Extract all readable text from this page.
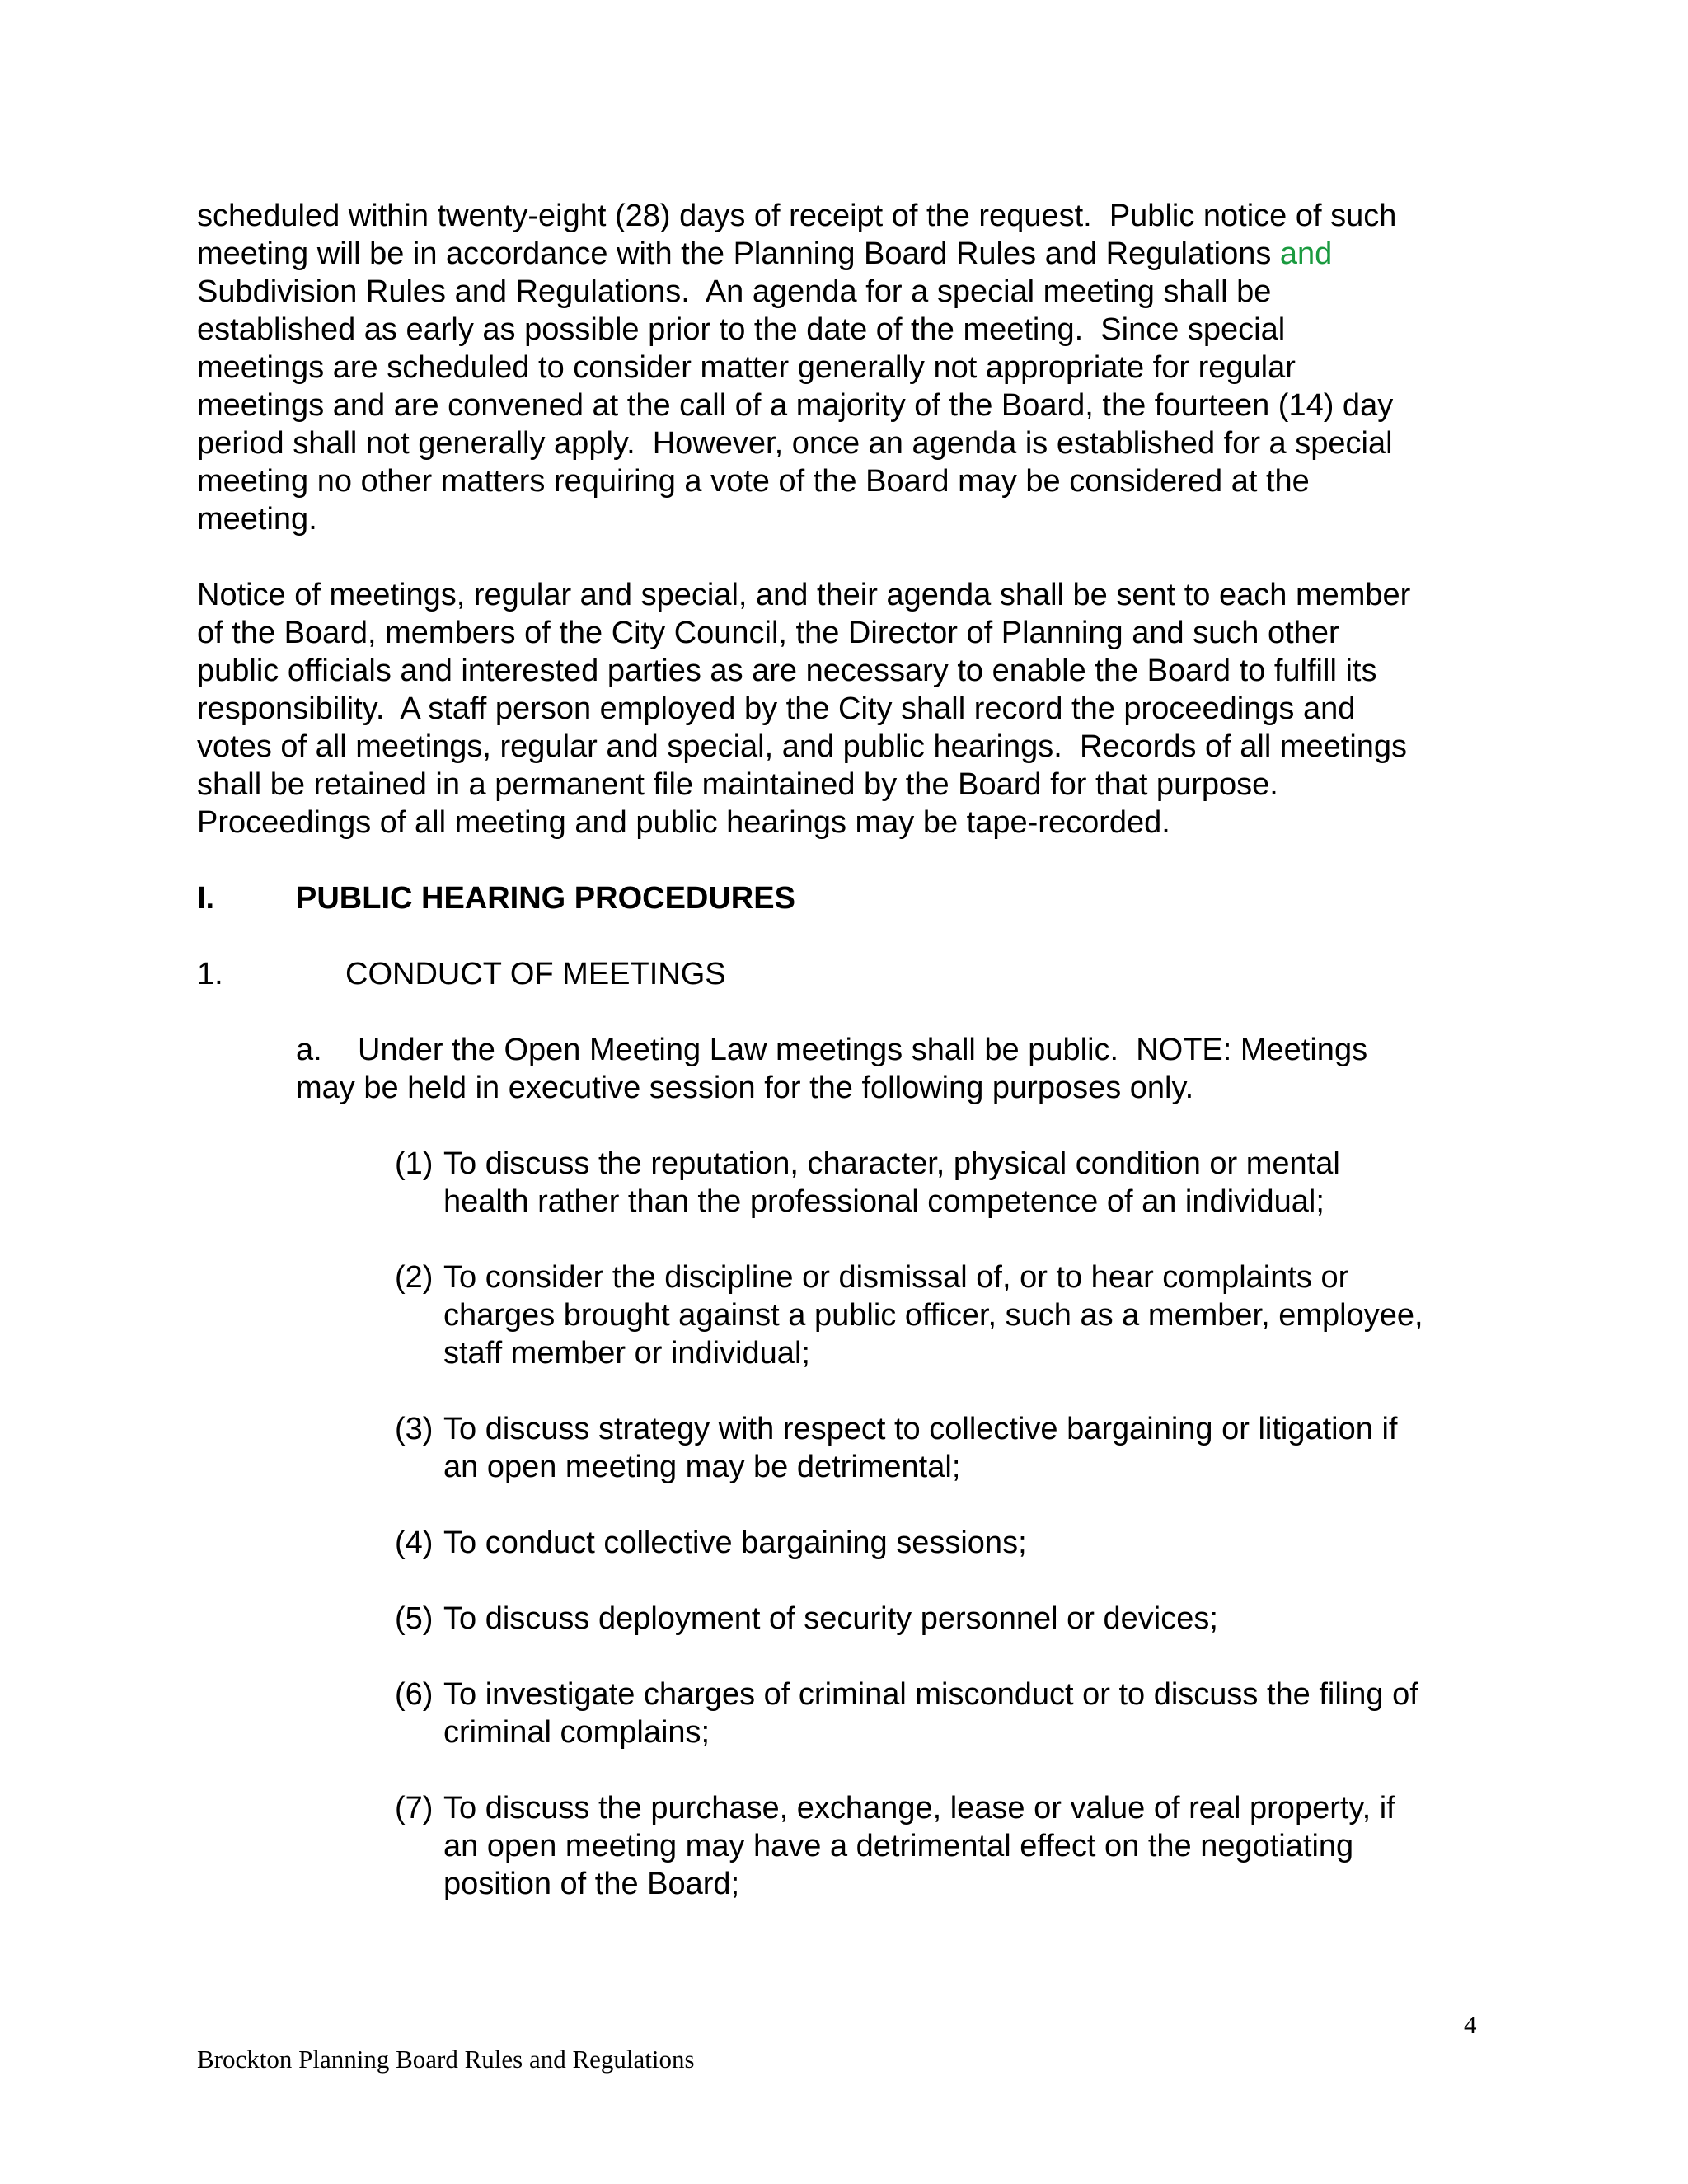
scheduled within twenty-eight (28) days of receipt of the request.  Public notice of such
meeting will be in accordance with the Planning Board Rules and Regulations and
Subdivision Rules and Regulations.  An agenda for a special meeting shall be
established as early as possible prior to the date of the meeting.  Since special
meetings are scheduled to consider matter generally not appropriate for regular
meetings and are convened at the call of a majority of the Board, the fourteen (14) day
period shall not generally apply.  However, once an agenda is established for a special
meeting no other matters requiring a vote of the Board may be considered at the
meeting.
Notice of meetings, regular and special, and their agenda shall be sent to each member
of the Board, members of the City Council, the Director of Planning and such other
public officials and interested parties as are necessary to enable the Board to fulfill its
responsibility.  A staff person employed by the City shall record the proceedings and
votes of all meetings, regular and special, and public hearings.  Records of all meetings
shall be retained in a permanent file maintained by the Board for that purpose.
Proceedings of all meeting and public hearings may be tape-recorded.
I.	PUBLIC HEARING PROCEDURES
1.	CONDUCT OF MEETINGS
a. Under the Open Meeting Law meetings shall be public.  NOTE: Meetings
may be held in executive session for the following purposes only.
(1) To discuss the reputation, character, physical condition or mental
health rather than the professional competence of an individual;
(2) To consider the discipline or dismissal of, or to hear complaints or
charges brought against a public officer, such as a member, employee,
staff member or individual;
(3) To discuss strategy with respect to collective bargaining or litigation if
an open meeting may be detrimental;
(4) To conduct collective bargaining sessions;
(5) To discuss deployment of security personnel or devices;
(6) To investigate charges of criminal misconduct or to discuss the filing of
criminal complains;
(7) To discuss the purchase, exchange, lease or value of real property, if
an open meeting may have a detrimental effect on the negotiating
position of the Board;
4
Brockton Planning Board Rules and Regulations
